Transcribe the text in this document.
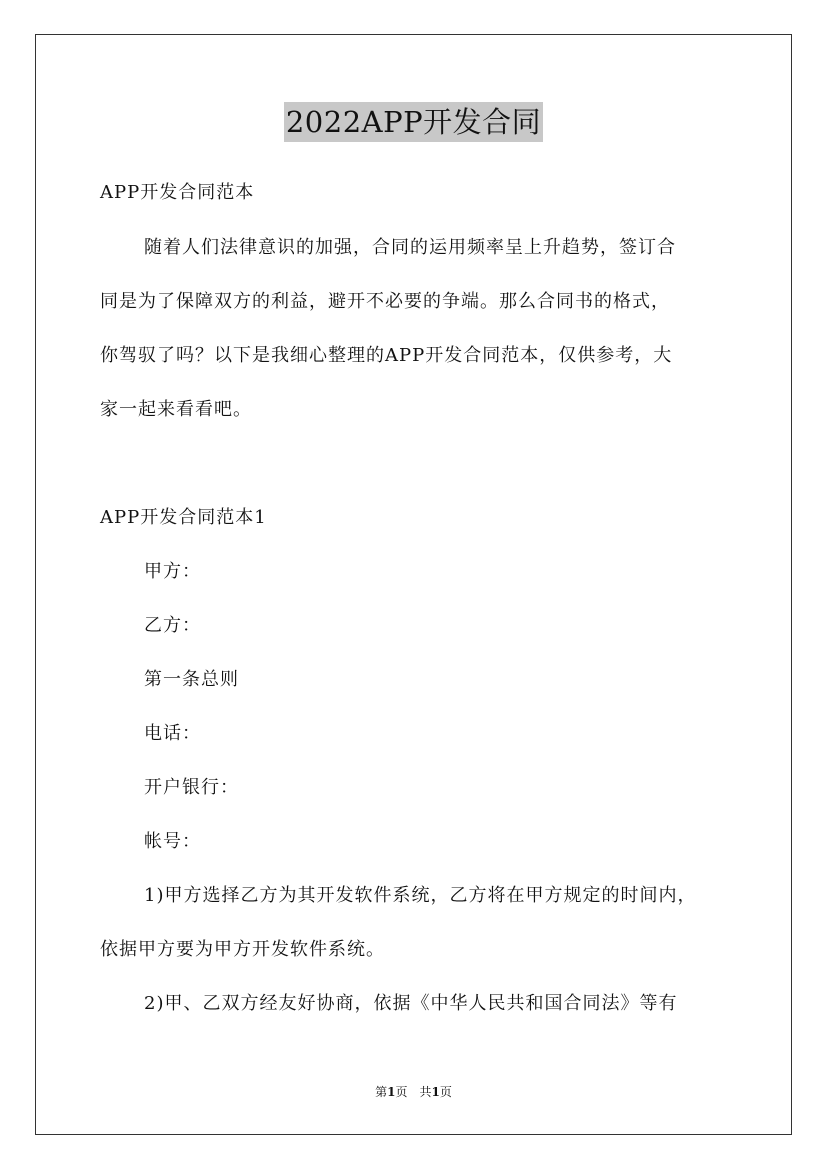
2022APP开发合同
APP开发合同范本
随着人们法律意识的加强，合同的运用频率呈上升趋势，签订合
同是为了保障双方的利益，避开不必要的争端。那么合同书的格式，
你驾驭了吗？以下是我细心整理的APP开发合同范本，仅供参考，大
家一起来看看吧。
APP开发合同范本1
甲方：
乙方：
第一条总则
电话：
开户银行：
帐号：
1)甲方选择乙方为其开发软件系统，乙方将在甲方规定的时间内，
依据甲方要为甲方开发软件系统。
2)甲、乙双方经友好协商，依据《中华人民共和国合同法》等有
第1页　共1页
